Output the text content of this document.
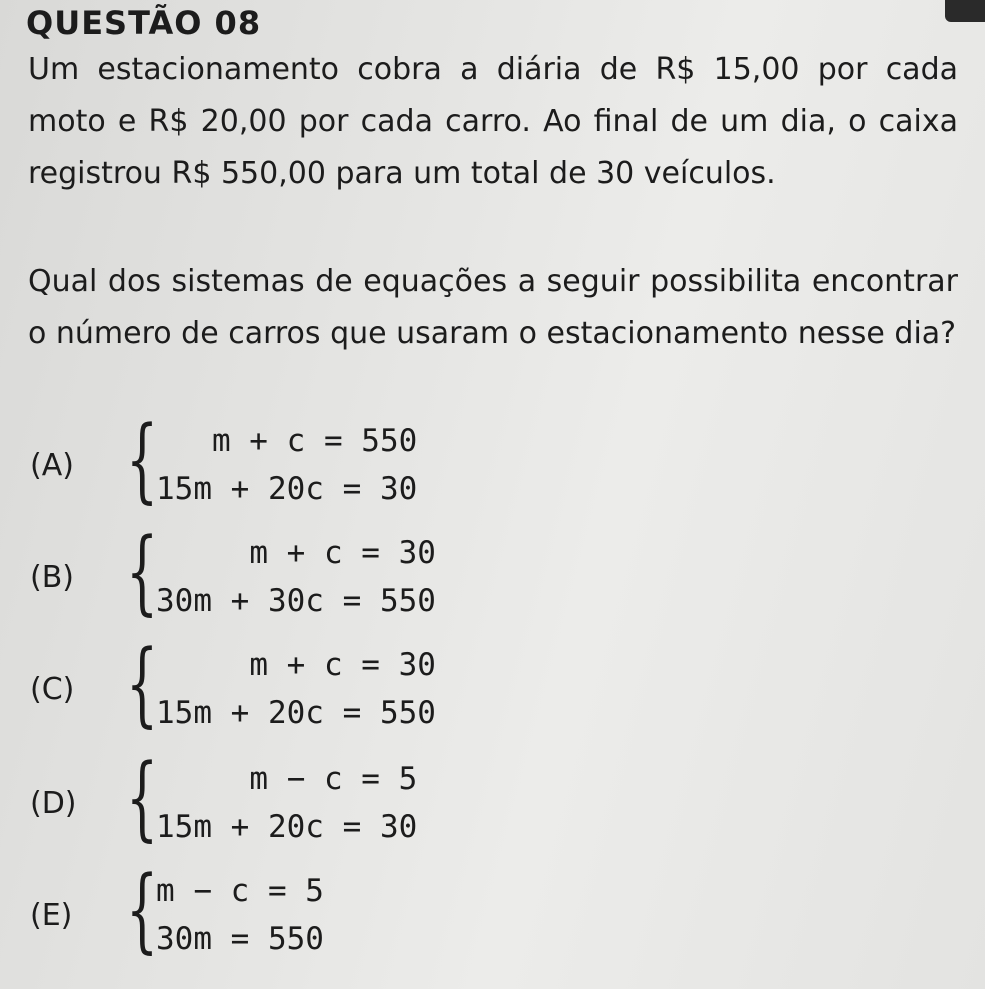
QUESTÃO 08

Um estacionamento cobra a diária de R$ 15,00 por cada moto e R$ 20,00 por cada carro. Ao final de um dia, o caixa registrou R$ 550,00 para um total de 30 veículos.

Qual dos sistemas de equações a seguir possibilita encontrar o número de carros que usaram o estacionamento nesse dia?

(A) { m + c = 550
15m + 20c = 30
(B) {	m + c = 30
30m + 30c = 550
(C) {	m + c = 30
15m + 20c = 550
(D) {	m − c = 5
15m + 20c = 30
(E) {
m − c = 5
30m = 550
